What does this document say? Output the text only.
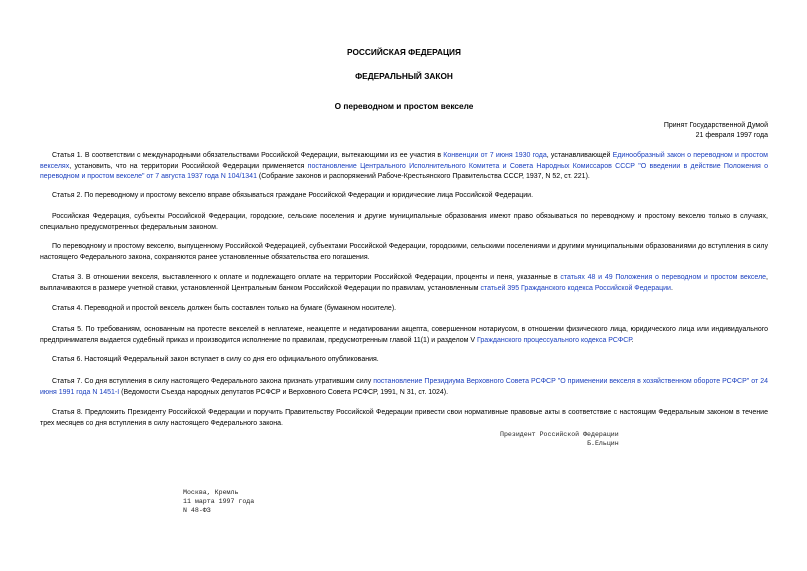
РОССИЙСКАЯ ФЕДЕРАЦИЯ
ФЕДЕРАЛЬНЫЙ ЗАКОН
О переводном и простом векселе
Принят Государственной Думой
21 февраля 1997 года
Статья 1. В соответствии с международными обязательствами Российской Федерации, вытекающими из ее участия в Конвенции от 7 июня 1930 года, устанавливающей Единообразный закон о переводном и простом векселях, установить, что на территории Российской Федерации применяется постановление Центрального Исполнительного Комитета и Совета Народных Комиссаров СССР "О введении в действие Положения о переводном и простом векселе" от 7 августа 1937 года N 104/1341 (Собрание законов и распоряжений Рабоче-Крестьянского Правительства СССР, 1937, N 52, ст. 221).
Статья 2. По переводному и простому векселю вправе обязываться граждане Российской Федерации и юридические лица Российской Федерации.
Российская Федерация, субъекты Российской Федерации, городские, сельские поселения и другие муниципальные образования имеют право обязываться по переводному и простому векселю только в случаях, специально предусмотренных федеральным законом.
По переводному и простому векселю, выпущенному Российской Федерацией, субъектами Российской Федерации, городскими, сельскими поселениями и другими муниципальными образованиями до вступления в силу настоящего Федерального закона, сохраняются ранее установленные обязательства его погашения.
Статья 3. В отношении векселя, выставленного к оплате и подлежащего оплате на территории Российской Федерации, проценты и пеня, указанные в статьях 48 и 49 Положения о переводном и простом векселе, выплачиваются в размере учетной ставки, установленной Центральным банком Российской Федерации по правилам, установленным статьей 395 Гражданского кодекса Российской Федерации.
Статья 4. Переводной и простой вексель должен быть составлен только на бумаге (бумажном носителе).
Статья 5. По требованиям, основанным на протесте векселей в неплатеже, неакцепте и недатировании акцепта, совершенном нотариусом, в отношении физического лица, юридического лица или индивидуального предпринимателя выдается судебный приказ и производится исполнение по правилам, предусмотренным главой 11(1) и разделом V Гражданского процессуального кодекса РСФСР.
Статья 6. Настоящий Федеральный закон вступает в силу со дня его официального опубликования.
Статья 7. Со дня вступления в силу настоящего Федерального закона признать утратившим силу постановление Президиума Верховного Совета РСФСР "О применении векселя в хозяйственном обороте РСФСР" от 24 июня 1991 года N 1451-I (Ведомости Съезда народных депутатов РСФСР и Верховного Совета РСФСР, 1991, N 31, ст. 1024).
Статья 8. Предложить Президенту Российской Федерации и поручить Правительству Российской Федерации привести свои нормативные правовые акты в соответствие с настоящим Федеральным законом в течение трех месяцев со дня вступления в силу настоящего Федерального закона.
Президент Российской Федерации
Б.Ельцин
Москва, Кремль
11 марта 1997 года
N 48-ФЗ
